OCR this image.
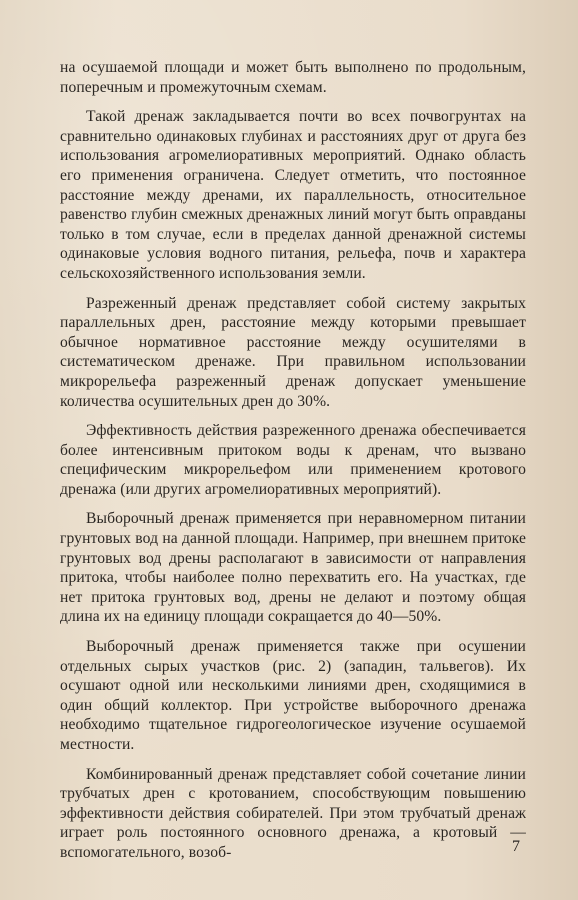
на осушаемой площади и может быть выполнено по продольным, поперечным и промежуточным схемам.

Такой дренаж закладывается почти во всех почвогрунтах на сравнительно одинаковых глубинах и расстояниях друг от друга без использования агромелиоративных мероприятий. Однако область его применения ограничена. Следует отметить, что постоянное расстояние между дренами, их параллельность, относительное равенство глубин смежных дренажных линий могут быть оправданы только в том случае, если в пределах данной дренажной системы одинаковые условия водного питания, рельефа, почв и характера сельскохозяйственного использования земли.

Разреженный дренаж представляет собой систему закрытых параллельных дрен, расстояние между которыми превышает обычное нормативное расстояние между осушителями в систематическом дренаже. При правильном использовании микрорельефа разреженный дренаж допускает уменьшение количества осушительных дрен до 30%.

Эффективность действия разреженного дренажа обеспечивается более интенсивным притоком воды к дренам, что вызвано специфическим микрорельефом или применением кротового дренажа (или других агромелиоративных мероприятий).

Выборочный дренаж применяется при неравномерном питании грунтовых вод на данной площади. Например, при внешнем притоке грунтовых вод дрены располагают в зависимости от направления притока, чтобы наиболее полно перехватить его. На участках, где нет притока грунтовых вод, дрены не делают и поэтому общая длина их на единицу площади сокращается до 40—50%.

Выборочный дренаж применяется также при осушении отдельных сырых участков (рис. 2) (западин, тальвегов). Их осушают одной или несколькими линиями дрен, сходящимися в один общий коллектор. При устройстве выборочного дренажа необходимо тщательное гидрогеологическое изучение осушаемой местности.

Комбинированный дренаж представляет собой сочетание линии трубчатых дрен с кротованием, способствующим повышению эффективности действия собирателей. При этом трубчатый дренаж играет роль постоянного основного дренажа, а кротовый — вспомогательного, возоб-	7
